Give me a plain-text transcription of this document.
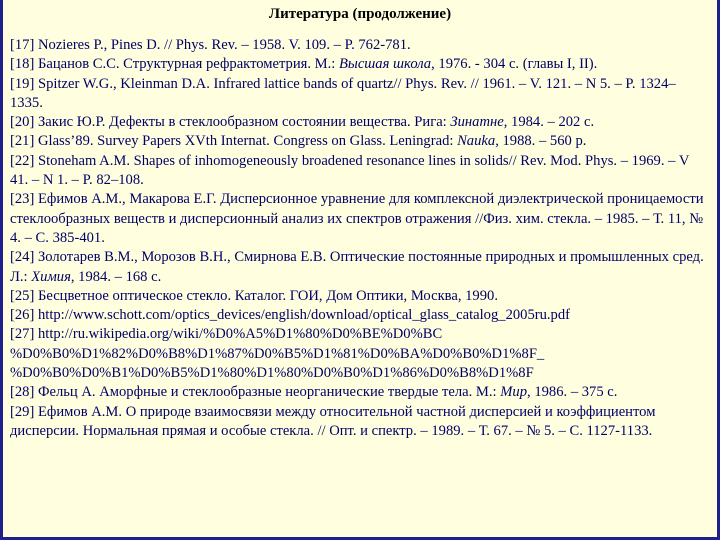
Литература (продолжение)

[17] Nozieres P., Pines D. // Phys. Rev. – 1958. V. 109. – P. 762-781.

[18] Бацанов С.С. Структурная рефрактометрия. М.: Высшая школа, 1976. - 304 с. (главы I, II).

[19] Spitzer W.G., Kleinman D.A. Infrared lattice bands of quartz// Phys. Rev. // 1961. – V. 121. – N 5. – P. 1324–1335.

[20] Закис Ю.Р. Дефекты в стеклообразном состоянии вещества. Рига: Зинатне, 1984. – 202 с.

[21] Glass’89. Survey Papers XVth Internat. Congress on Glass. Leningrad: Nauka, 1988. – 560 p.

[22] Stoneham A.M. Shapes of inhomogeneously broadened resonance lines in solids// Rev. Mod. Phys. – 1969. – V 41. – N 1. – P. 82–108.

[23] Ефимов А.М., Макарова Е.Г. Дисперсионное уравнение для комплексной диэлектрической проницаемости стеклообразных веществ и дисперсионный анализ их спектров отражения //Физ. хим. стекла. – 1985. – Т. 11, № 4. – С. 385-401.

[24] Золотарев В.М., Морозов В.Н., Смирнова Е.В. Оптические постоянные природных и промышленных сред. Л.: Химия, 1984. – 168 с.

[25] Бесцветное оптическое стекло. Каталог. ГОИ, Дом Оптики, Москва, 1990.

[26] http://www.schott.com/optics_devices/english/download/optical_glass_catalog_2005ru.pdf

[27] http://ru.wikipedia.org/wiki/%D0%A5%D1%80%D0%BE%D0%BC
%D0%B0%D1%82%D0%B8%D1%87%D0%B5%D1%81%D0%BA%D0%B0%D1%8F_
%D0%B0%D0%B1%D0%B5%D1%80%D1%80%D0%B0%D1%86%D0%B8%D1%8F

[28] Фельц А. Аморфные и стеклообразные неорганические твердые тела. М.: Мир, 1986. – 375 с.

[29] Ефимов А.М. О природе взаимосвязи между относительной частной дисперсией и коэффициентом дисперсии. Нормальная прямая и особые стекла. // Опт. и спектр. – 1989. – Т. 67. – № 5. – С. 1127-1133.
